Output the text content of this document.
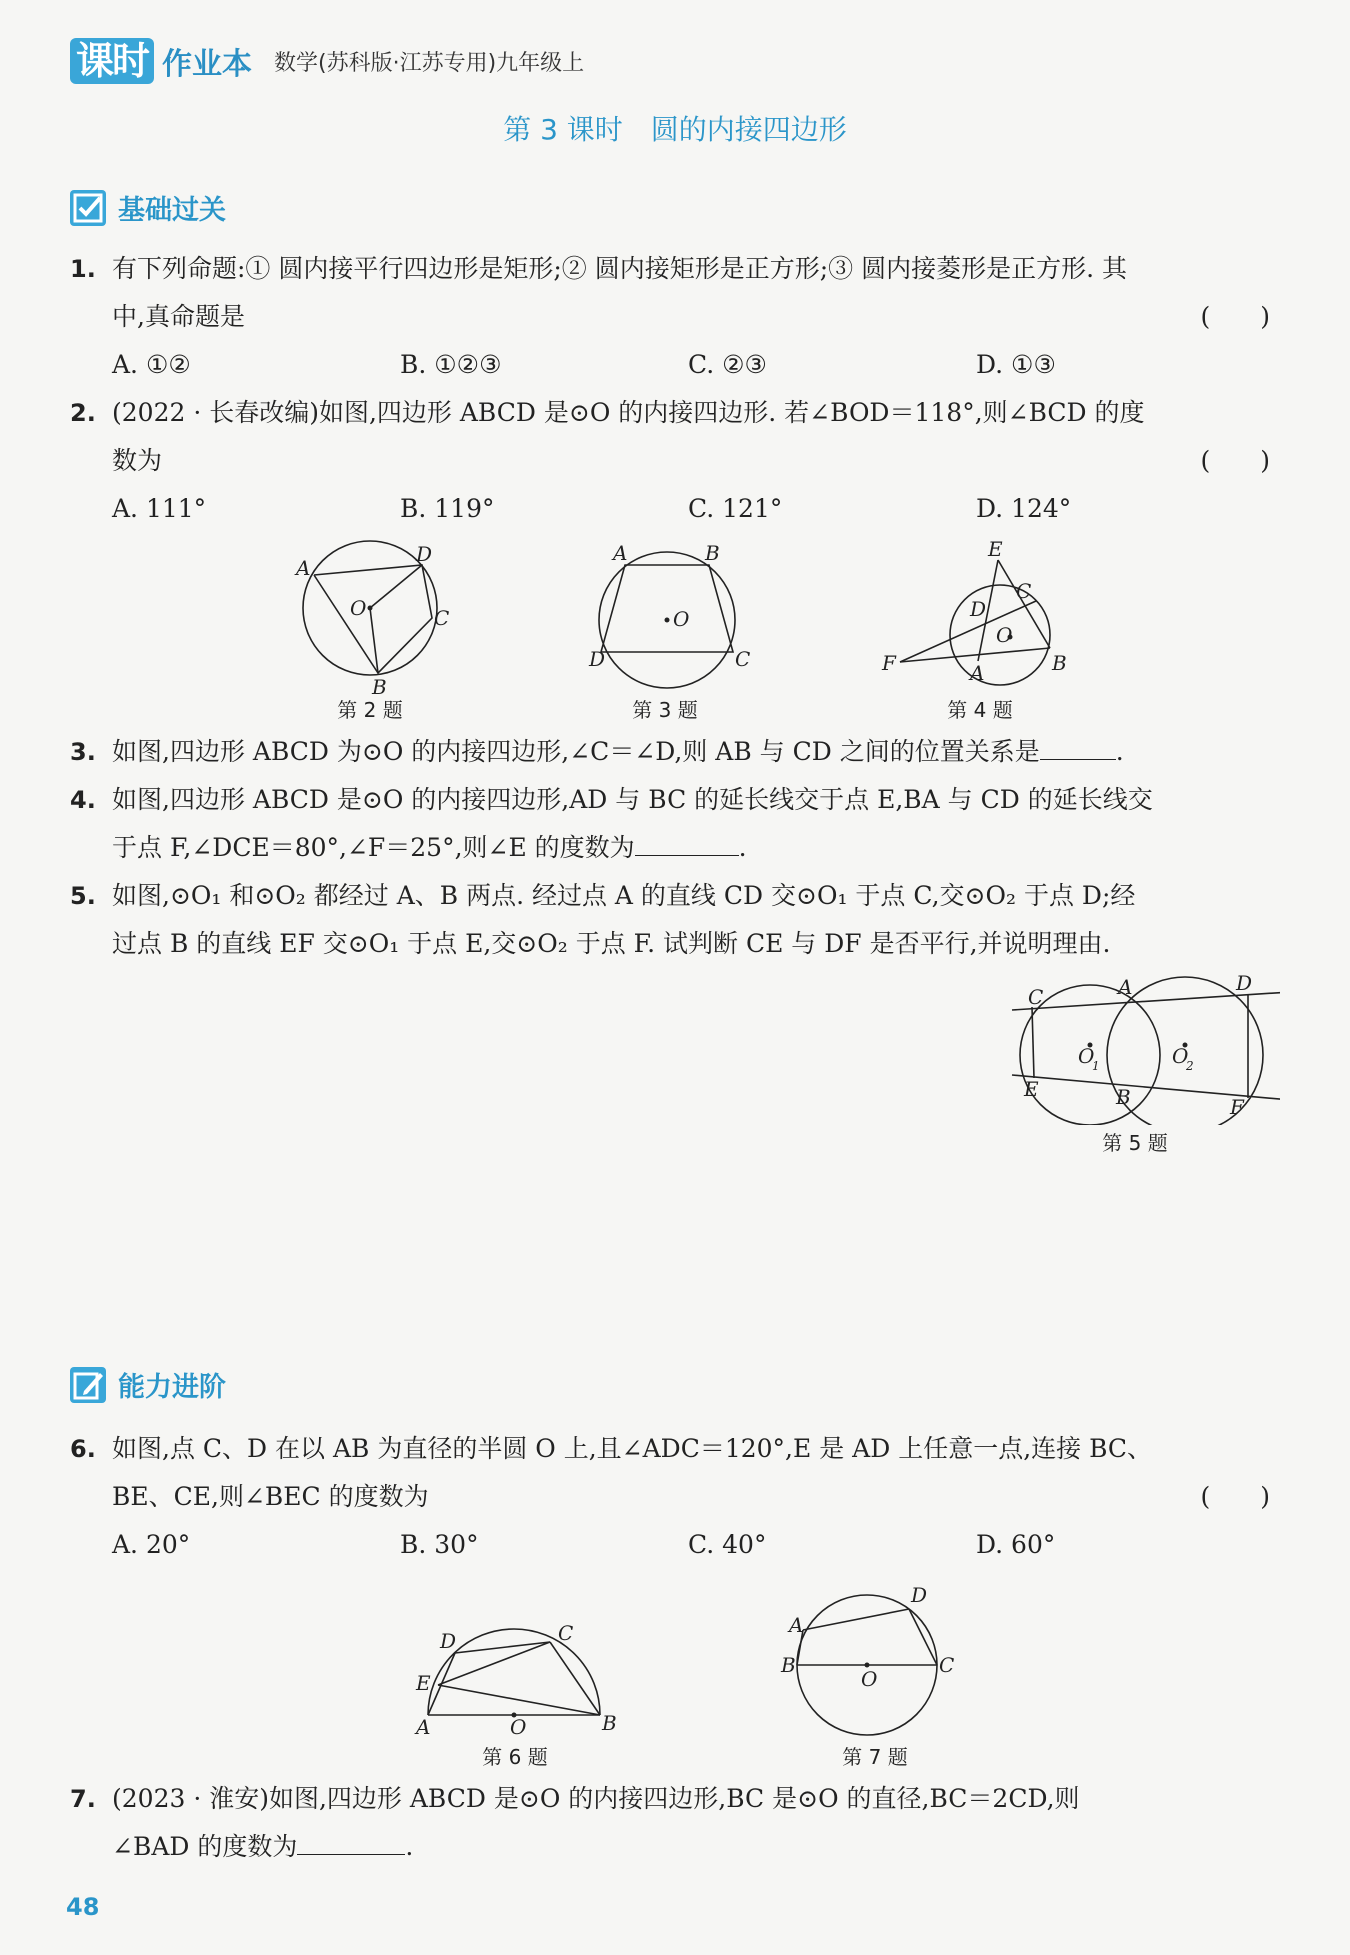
课时 作业本 数学(苏科版·江苏专用)九年级上
第 3 课时　圆的内接四边形
基础过关
1. 有下列命题:① 圆内接平行四边形是矩形;② 圆内接矩形是正方形;③ 圆内接菱形是正方形. 其
中,真命题是	(　　)
A. ①②	B. ①②③	C. ②③	D. ①③
2. (2022 · 长春改编)如图,四边形 ABCD 是⊙O 的内接四边形. 若∠BOD＝118°,则∠BCD 的度
数为	(　　)
A. 111°	B. 119°	C. 121°	D. 124°
A
D
C
B
O
第 2 题
A	B
C
D
O
第 3 题
E
C
D
O
F	A	B
第 4 题
3. 如图,四边形 ABCD 为⊙O 的内接四边形,∠C＝∠D,则 AB 与 CD 之间的位置关系是	.
4. 如图,四边形 ABCD 是⊙O 的内接四边形,AD 与 BC 的延长线交于点 E,BA 与 CD 的延长线交
于点 F,∠DCE＝80°,∠F＝25°,则∠E 的度数为	.
5. 如图,⊙O₁ 和⊙O₂ 都经过 A、B 两点. 经过点 A 的直线 CD 交⊙O₁ 于点 C,交⊙O₂ 于点 D;经
过点 B 的直线 EF 交⊙O₁ 于点 E,交⊙O₂ 于点 F. 试判断 CE 与 DF 是否平行,并说明理由.
C	A	D
E	B	F
O
1	O
2
第 5 题
能力进阶
6. 如图,点 C、D 在以 AB 为直径的半圆 O 上,且∠ADC＝120°,E 是 AD 上任意一点,连接 BC、
BE、CE,则∠BEC 的度数为	(　　)
A. 20°	B. 30°	C. 40°	D. 60°
D	C
E
A	O	B
第 6 题
D
A
B	C
O
第 7 题
7. (2023 · 淮安)如图,四边形 ABCD 是⊙O 的内接四边形,BC 是⊙O 的直径,BC＝2CD,则
∠BAD 的度数为	.
48
